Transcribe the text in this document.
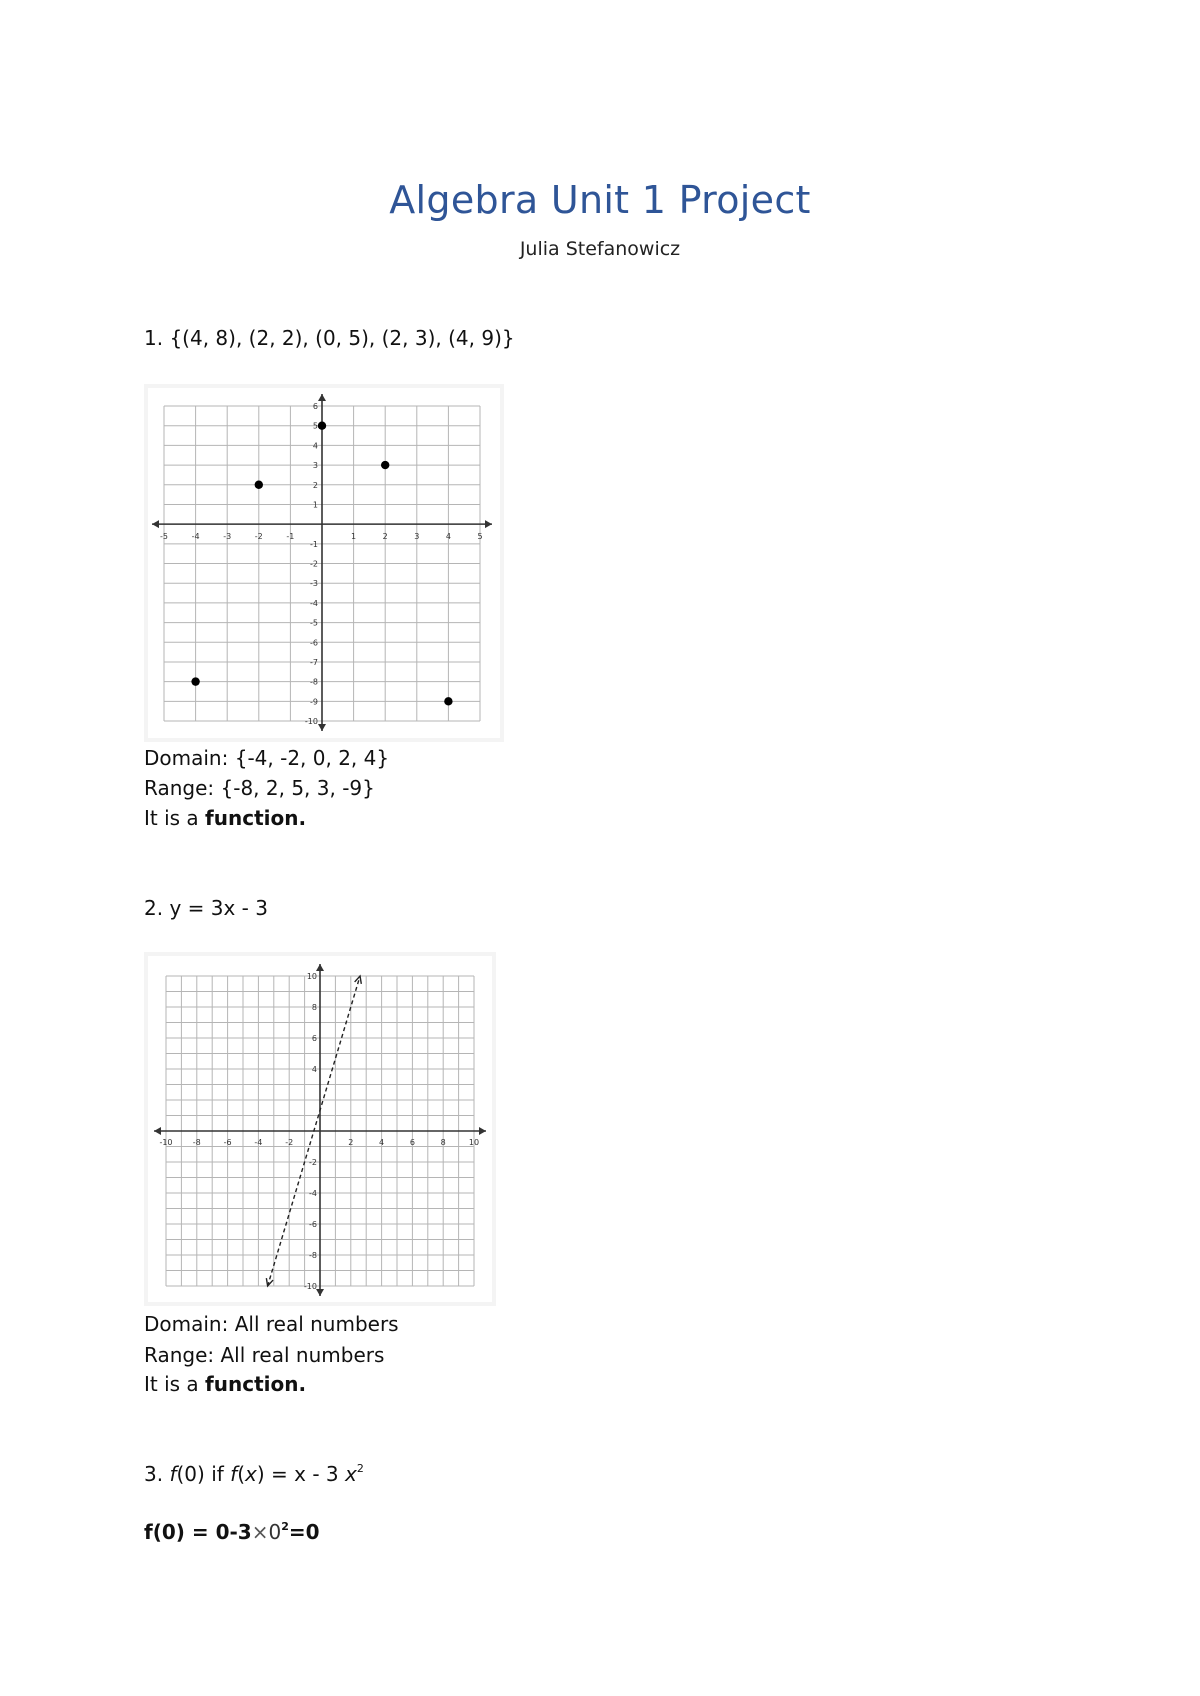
Algebra Unit 1 Project
Julia Stefanowicz
1. {(4, 8), (2, 2), (0, 5), (2, 3), (4, 9)}
-5	-4	-3	-2	-1	1	2	3	4	5
6
5
4
3
2
1
-1
-2
-3
-4
-5
-6
-7
-8
-9
-10
Domain: {-4, -2, 0, 2, 4}
Range: {-8, 2, 5, 3, -9}
It is a function.
2. y = 3x - 3
-10	-8	-6	-4	-2	2	4	6	8	10
10
8
6
4
-2
-4
-6
-8
-10
Domain: All real numbers
Range: All real numbers
It is a function.
3. f(0) if f(x) = x - 3 $x^2$
$f(0) = 0-3\times 0^2=0$
